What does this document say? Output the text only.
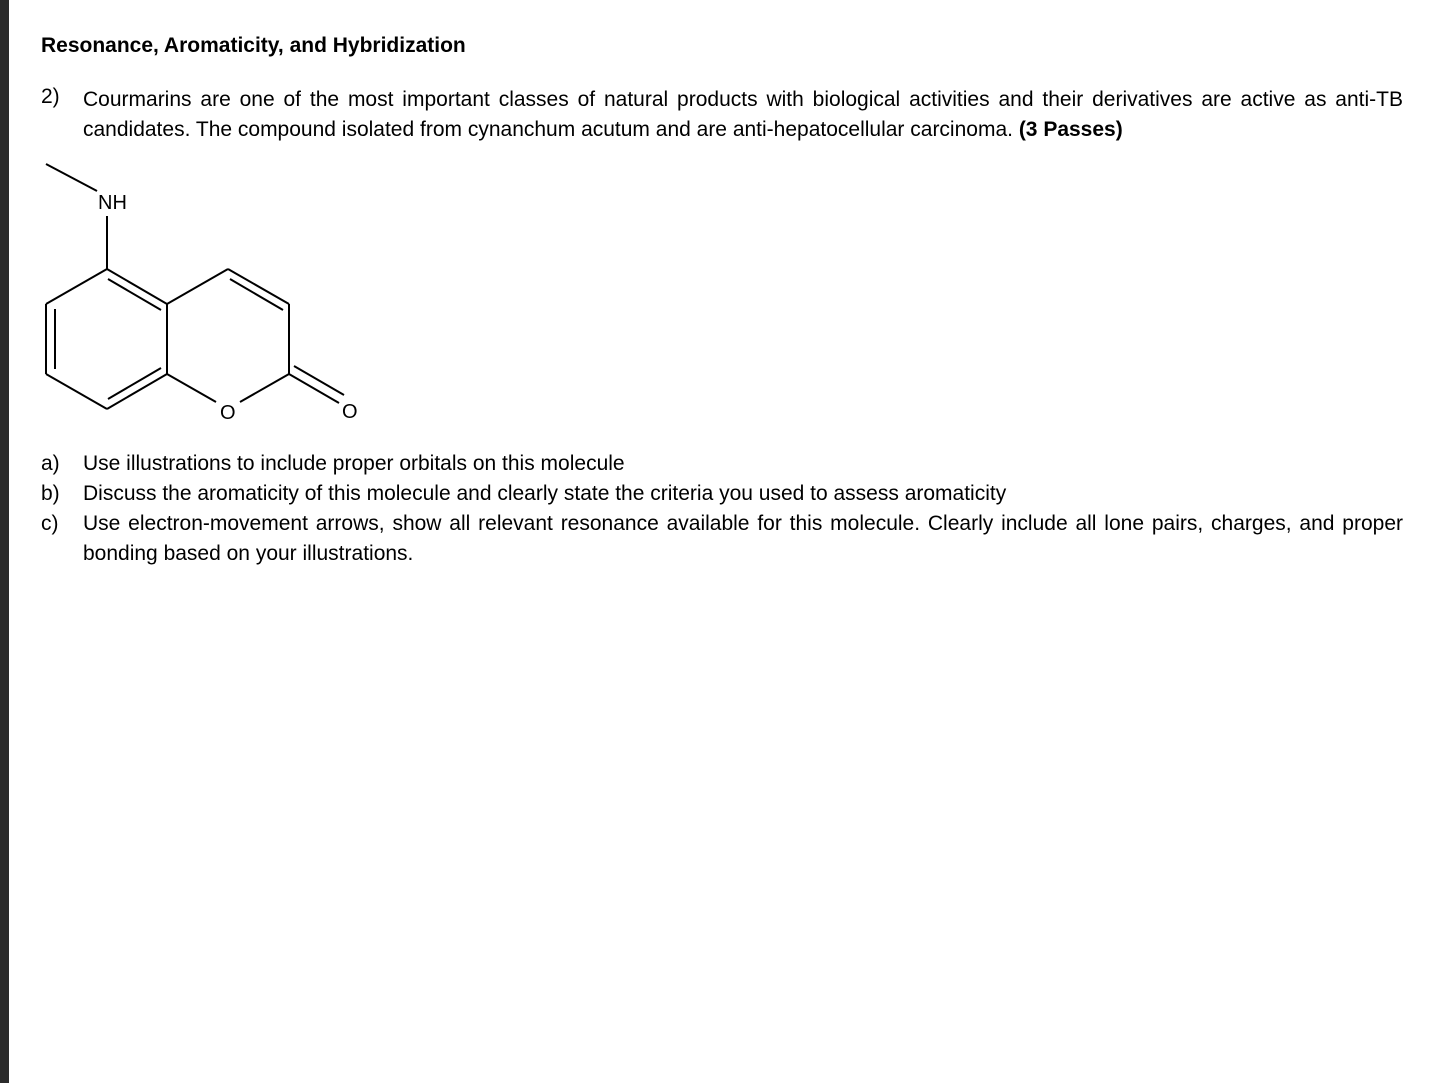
Resonance, Aromaticity, and Hybridization
2) Courmarins are one of the most important classes of natural products with biological activities and their derivatives are active as anti-TB candidates. The compound isolated from cynanchum acutum and are anti-hepatocellular carcinoma. (3 Passes)
NH
O	O
a) Use illustrations to include proper orbitals on this molecule
b) Discuss the aromaticity of this molecule and clearly state the criteria you used to assess aromaticity
c) Use electron-movement arrows, show all relevant resonance available for this molecule. Clearly include all lone pairs, charges, and proper bonding based on your illustrations.
